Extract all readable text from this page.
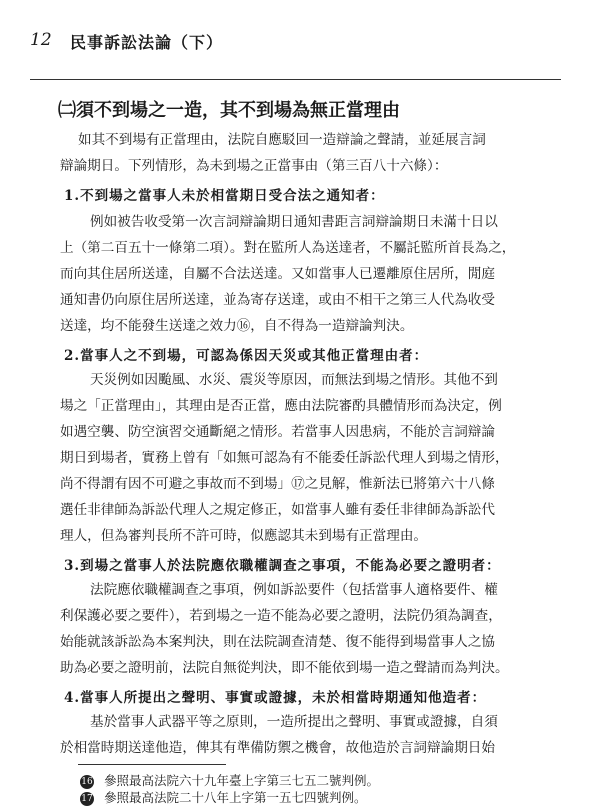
12 民事訴訟法論（下）
㈡須不到場之一造，其不到場為無正當理由

如其不到場有正當理由，法院自應駁回一造辯論之聲請，並延展言詞

辯論期日。下列情形，為未到場之正當事由（第三百八十六條）：

1.不到場之當事人未於相當期日受合法之通知者：

例如被告收受第一次言詞辯論期日通知書距言詞辯論期日未滿十日以

上（第二百五十一條第二項）。對在監所人為送達者，不屬託監所首長為之，

而向其住居所送達，自屬不合法送達。又如當事人已遷離原住居所，閒庭

通知書仍向原住居所送達，並為寄存送達，或由不相干之第三人代為收受

送達，均不能發生送達之效力⑯，自不得為一造辯論判決。

2.當事人之不到場，可認為係因天災或其他正當理由者：

天災例如因颱風、水災、震災等原因，而無法到場之情形。其他不到

場之「正當理由」，其理由是否正當，應由法院審酌具體情形而為決定，例

如遇空襲、防空演習交通斷絕之情形。若當事人因患病，不能於言詞辯論

期日到場者，實務上曾有「如無可認為有不能委任訴訟代理人到場之情形，

尚不得謂有因不可避之事故而不到場」⑰之見解，惟新法已將第六十八條

選任非律師為訴訟代理人之規定修正，如當事人雖有委任非律師為訴訟代

理人，但為審判長所不許可時，似應認其未到場有正當理由。

3.到場之當事人於法院應依職權調查之事項，不能為必要之證明者：

法院應依職權調查之事項，例如訴訟要件（包括當事人適格要件、權

利保護必要之要件），若到場之一造不能為必要之證明，法院仍須為調查，

始能就該訴訟為本案判決，則在法院調查清楚、復不能得到場當事人之協

助為必要之證明前，法院自無從判決，即不能依到場一造之聲請而為判決。

4.當事人所提出之聲明、事實或證據，未於相當時期通知他造者：

基於當事人武器平等之原則，一造所提出之聲明、事實或證據，自須

於相當時期送達他造，俾其有準備防禦之機會，故他造於言詞辯論期日始

16 參照最高法院六十九年臺上字第三七五二號判例。
17 參照最高法院二十八年上字第一五七四號判例。
